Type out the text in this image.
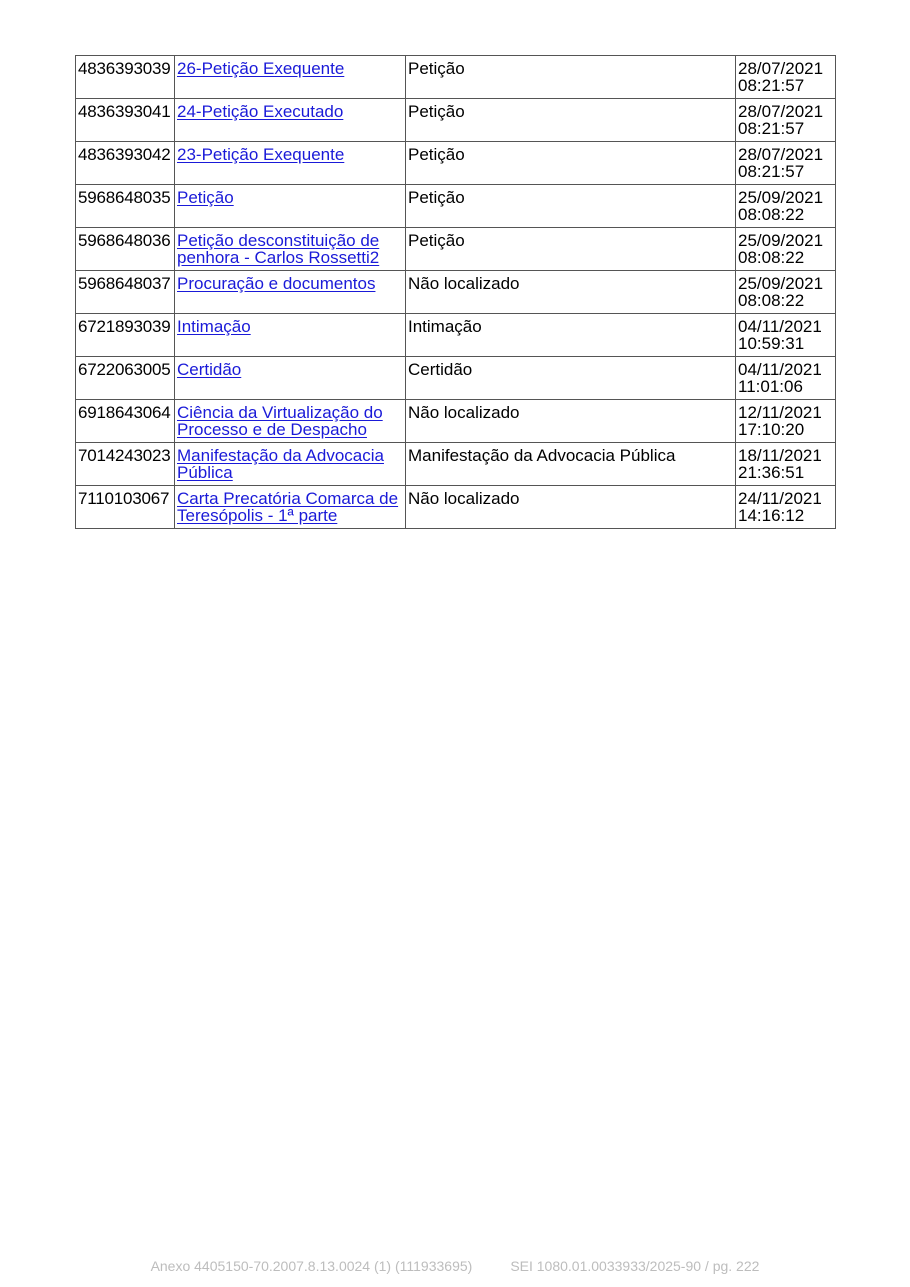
4836393039	26-Petição Exequente	Petição	28/07/2021
08:21:57

4836393041	24-Petição Executado	Petição	28/07/2021
08:21:57

4836393042	23-Petição Exequente	Petição	28/07/2021
08:21:57

5968648035	Petição	Petição	25/09/2021
08:08:22

5968648036	Petição desconstituição de penhora - Carlos Rossetti2	Petição	25/09/2021
08:08:22

5968648037	Procuração e documentos	Não localizado	25/09/2021
08:08:22

6721893039	Intimação	Intimação	04/11/2021
10:59:31

6722063005	Certidão	Certidão	04/11/2021
11:01:06

6918643064	Ciência da Virtualização do Processo e de Despacho	Não localizado	12/11/2021
17:10:20

7014243023	Manifestação da Advocacia Pública	Manifestação da Advocacia Pública	18/11/2021
21:36:51

7110103067	Carta Precatória Comarca de Teresópolis - 1ª parte	Não localizado	24/11/2021
14:16:12
Anexo 4405150-70.2007.8.13.0024 (1) (111933695)	SEI 1080.01.0033933/2025-90 / pg. 222
